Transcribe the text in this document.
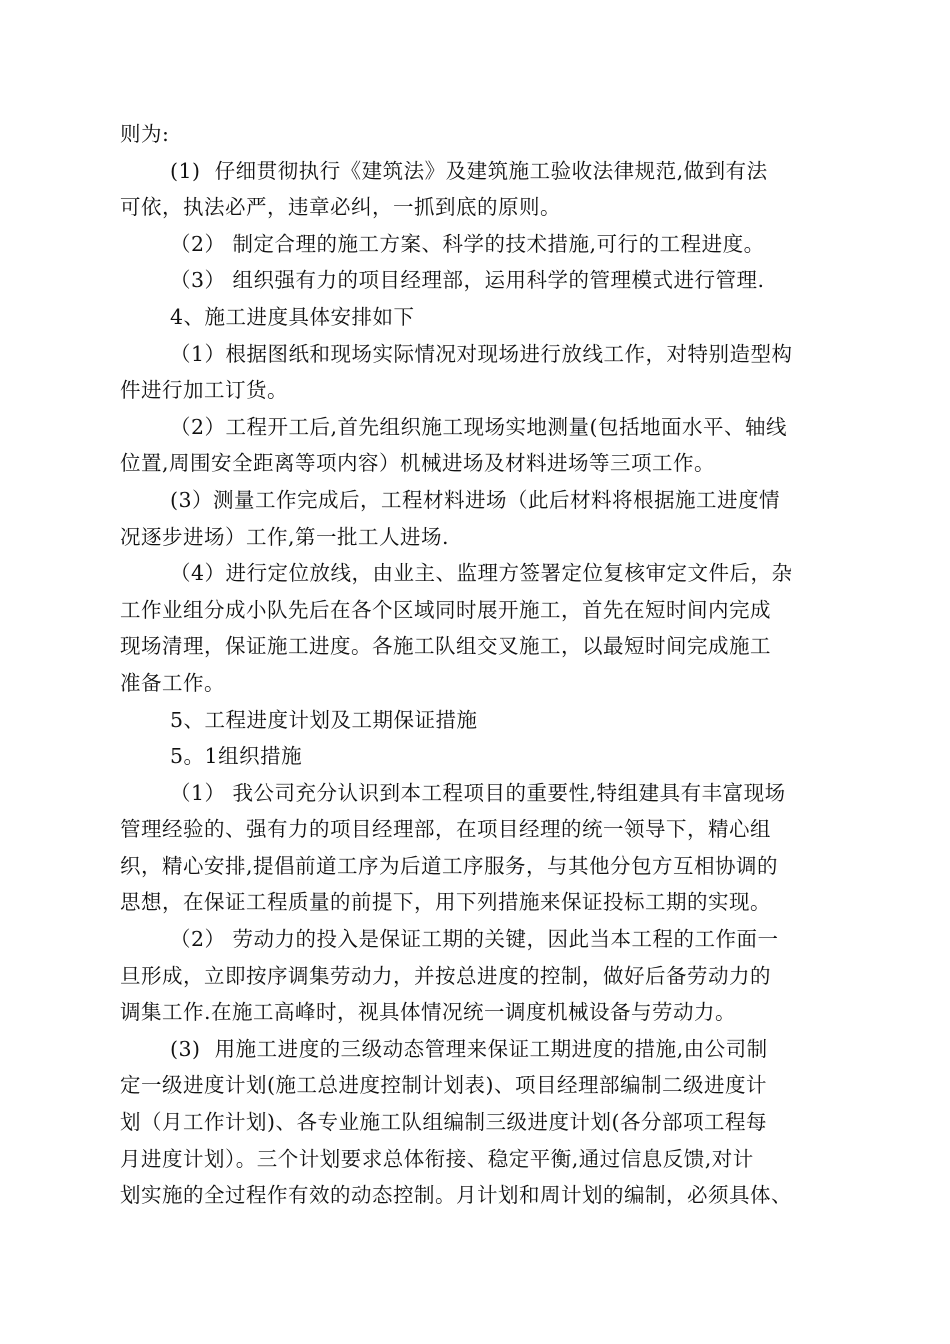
则为:
(1)  仔细贯彻执行《建筑法》及建筑施工验收法律规范,做到有法
可依，执法必严，违章必纠，一抓到底的原则。
（2） 制定合理的施工方案、科学的技术措施,可行的工程进度。
（3） 组织强有力的项目经理部，运用科学的管理模式进行管理.
4、施工进度具体安排如下
（1）根据图纸和现场实际情况对现场进行放线工作，对特别造型构
件进行加工订货。
（2）工程开工后,首先组织施工现场实地测量(包括地面水平、轴线
位置,周围安全距离等项内容）机械进场及材料进场等三项工作。
(3）测量工作完成后，工程材料进场（此后材料将根据施工进度情
况逐步进场）工作,第一批工人进场.
（4）进行定位放线，由业主、监理方签署定位复核审定文件后，杂
工作业组分成小队先后在各个区域同时展开施工，首先在短时间内完成
现场清理，保证施工进度。各施工队组交叉施工，以最短时间完成施工
准备工作。
5、工程进度计划及工期保证措施
5。1组织措施
（1） 我公司充分认识到本工程项目的重要性,特组建具有丰富现场
管理经验的、强有力的项目经理部，在项目经理的统一领导下，精心组
织，精心安排,提倡前道工序为后道工序服务，与其他分包方互相协调的
思想，在保证工程质量的前提下，用下列措施来保证投标工期的实现。
（2） 劳动力的投入是保证工期的关键，因此当本工程的工作面一
旦形成，立即按序调集劳动力，并按总进度的控制，做好后备劳动力的
调集工作.在施工高峰时，视具体情况统一调度机械设备与劳动力。
(3)  用施工进度的三级动态管理来保证工期进度的措施,由公司制
定一级进度计划(施工总进度控制计划表)、项目经理部编制二级进度计
划（月工作计划)、各专业施工队组编制三级进度计划(各分部项工程每
月进度计划）。三个计划要求总体衔接、稳定平衡,通过信息反馈,对计
划实施的全过程作有效的动态控制。月计划和周计划的编制，必须具体、
